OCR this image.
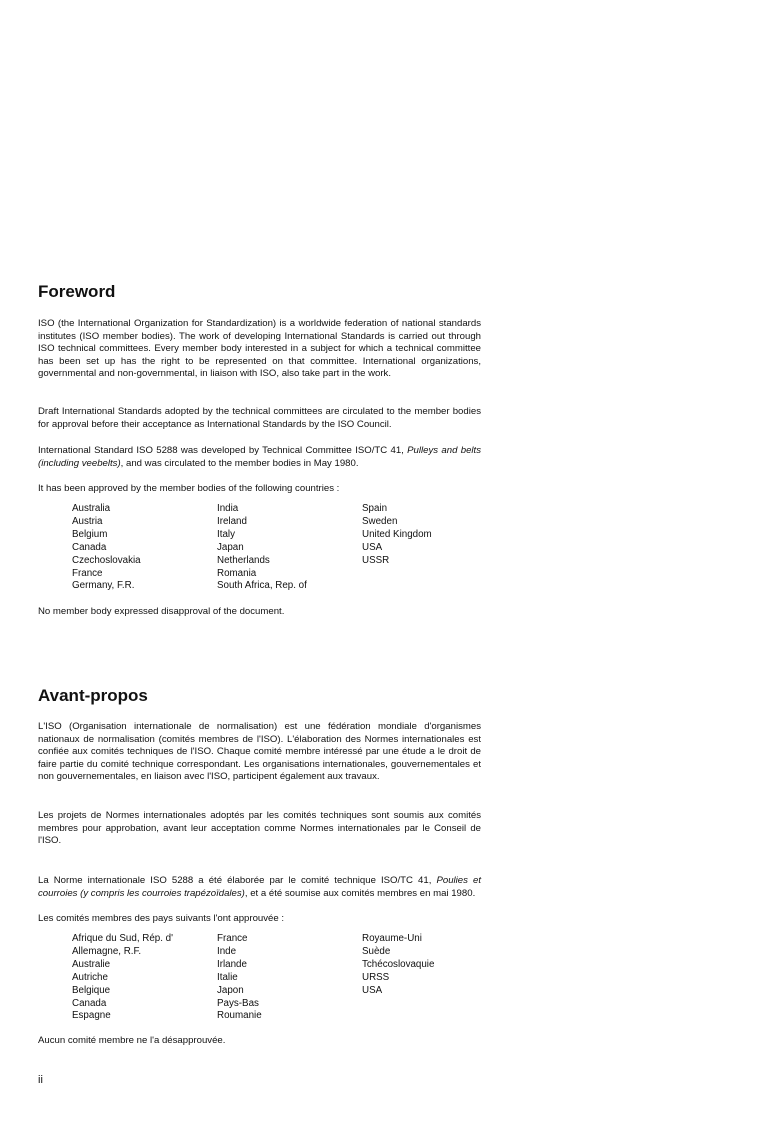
Foreword

ISO (the International Organization for Standardization) is a worldwide federation of national standards institutes (ISO member bodies). The work of developing International Standards is carried out through ISO technical committees. Every member body interested in a subject for which a technical committee has been set up has the right to be represented on that committee. International organizations, governmental and non-governmental, in liaison with ISO, also take part in the work.

Draft International Standards adopted by the technical committees are circulated to the member bodies for approval before their acceptance as International Standards by the ISO Council.

International Standard ISO 5288 was developed by Technical Committee ISO/TC 41, Pulleys and belts (including veebelts), and was circulated to the member bodies in May 1980.

It has been approved by the member bodies of the following countries :

Australia	India	Spain
Austria	Ireland	Sweden
Belgium	Italy	United Kingdom
Canada	Japan	USA
Czechoslovakia	Netherlands	USSR
France	Romania
Germany, F.R.	South Africa, Rep. of

No member body expressed disapproval of the document.

Avant-propos

L'ISO (Organisation internationale de normalisation) est une fédération mondiale d'organismes nationaux de normalisation (comités membres de l'ISO). L'élaboration des Normes internationales est confiée aux comités techniques de l'ISO. Chaque comité membre intéressé par une étude a le droit de faire partie du comité technique correspondant. Les organisations internationales, gouvernementales et non gouvernementales, en liaison avec l'ISO, participent également aux travaux.

Les projets de Normes internationales adoptés par les comités techniques sont soumis aux comités membres pour approbation, avant leur acceptation comme Normes internationales par le Conseil de l'ISO.

La Norme internationale ISO 5288 a été élaborée par le comité technique ISO/TC 41, Poulies et courroies (y compris les courroies trapézoïdales), et a été soumise aux comités membres en mai 1980.

Les comités membres des pays suivants l'ont approuvée :

Afrique du Sud, Rép. d'	France	Royaume-Uni
Allemagne, R.F.	Inde	Suède
Australie	Irlande	Tchécoslovaquie
Autriche	Italie	URSS
Belgique	Japon	USA
Canada	Pays-Bas
Espagne	Roumanie

Aucun comité membre ne l'a désapprouvée.

ii
